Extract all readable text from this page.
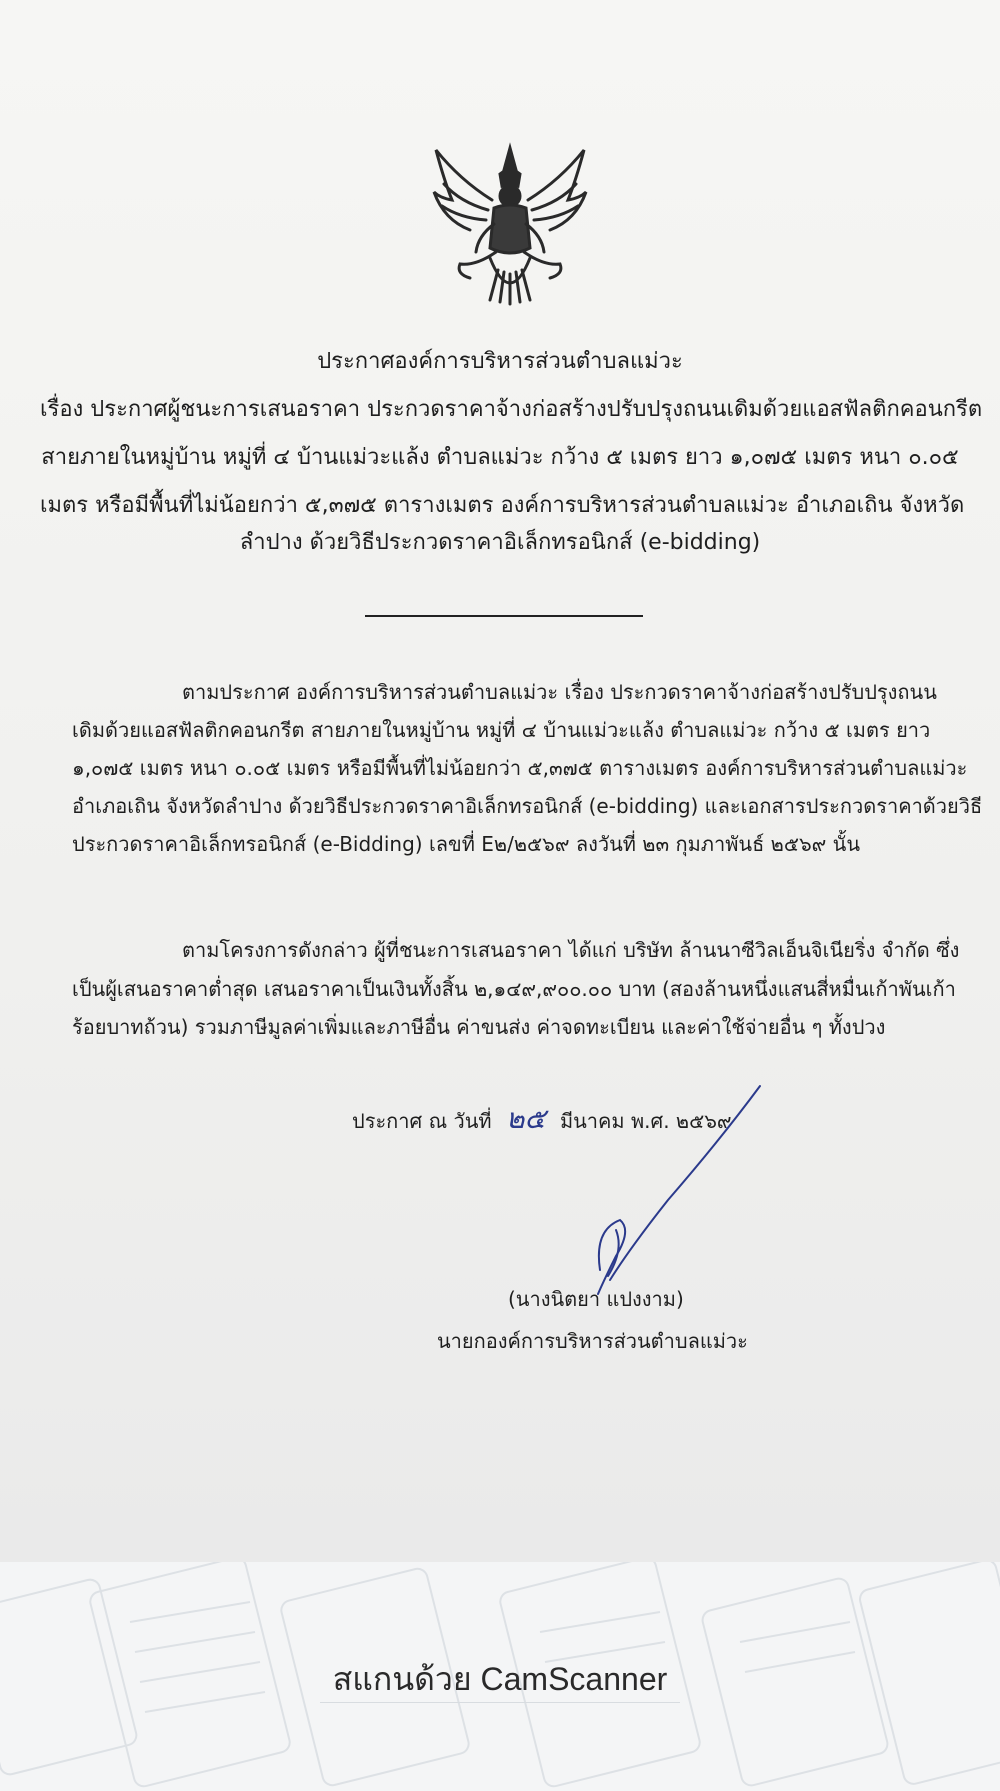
ประกาศองค์การบริหารส่วนตำบลแม่วะ
เรื่อง ประกาศผู้ชนะการเสนอราคา ประกวดราคาจ้างก่อสร้างปรับปรุงถนนเดิมด้วยแอสฟัลติกคอนกรีต
สายภายในหมู่บ้าน หมู่ที่ ๔ บ้านแม่วะแล้ง ตำบลแม่วะ กว้าง ๕ เมตร ยาว ๑,๐๗๕ เมตร หนา ๐.๐๕
เมตร หรือมีพื้นที่ไม่น้อยกว่า ๕,๓๗๕ ตารางเมตร องค์การบริหารส่วนตำบลแม่วะ อำเภอเถิน จังหวัด
ลำปาง ด้วยวิธีประกวดราคาอิเล็กทรอนิกส์ (e-bidding)
ตามประกาศ องค์การบริหารส่วนตำบลแม่วะ เรื่อง ประกวดราคาจ้างก่อสร้างปรับปรุงถนน
เดิมด้วยแอสฟัลติกคอนกรีต สายภายในหมู่บ้าน หมู่ที่ ๔ บ้านแม่วะแล้ง ตำบลแม่วะ กว้าง ๕ เมตร ยาว
๑,๐๗๕ เมตร หนา ๐.๐๕ เมตร หรือมีพื้นที่ไม่น้อยกว่า ๕,๓๗๕ ตารางเมตร องค์การบริหารส่วนตำบลแม่วะ
อำเภอเถิน จังหวัดลำปาง ด้วยวิธีประกวดราคาอิเล็กทรอนิกส์ (e-bidding) และเอกสารประกวดราคาด้วยวิธี
ประกวดราคาอิเล็กทรอนิกส์ (e-Bidding) เลขที่ E๒/๒๕๖๙ ลงวันที่ ๒๓ กุมภาพันธ์ ๒๕๖๙ นั้น
ตามโครงการดังกล่าว ผู้ที่ชนะการเสนอราคา ได้แก่ บริษัท ล้านนาซีวิลเอ็นจิเนียริ่ง จำกัด ซึ่ง
เป็นผู้เสนอราคาต่ำสุด เสนอราคาเป็นเงินทั้งสิ้น ๒,๑๔๙,๙๐๐.๐๐ บาท (สองล้านหนึ่งแสนสี่หมื่นเก้าพันเก้า
ร้อยบาทถ้วน) รวมภาษีมูลค่าเพิ่มและภาษีอื่น ค่าขนส่ง ค่าจดทะเบียน และค่าใช้จ่ายอื่น ๆ ทั้งปวง
ประกาศ ณ วันที่ ๒๕ มีนาคม พ.ศ. ๒๕๖๙
(นางนิตยา แปงงาม)
นายกองค์การบริหารส่วนตำบลแม่วะ
สแกนด้วย CamScanner
